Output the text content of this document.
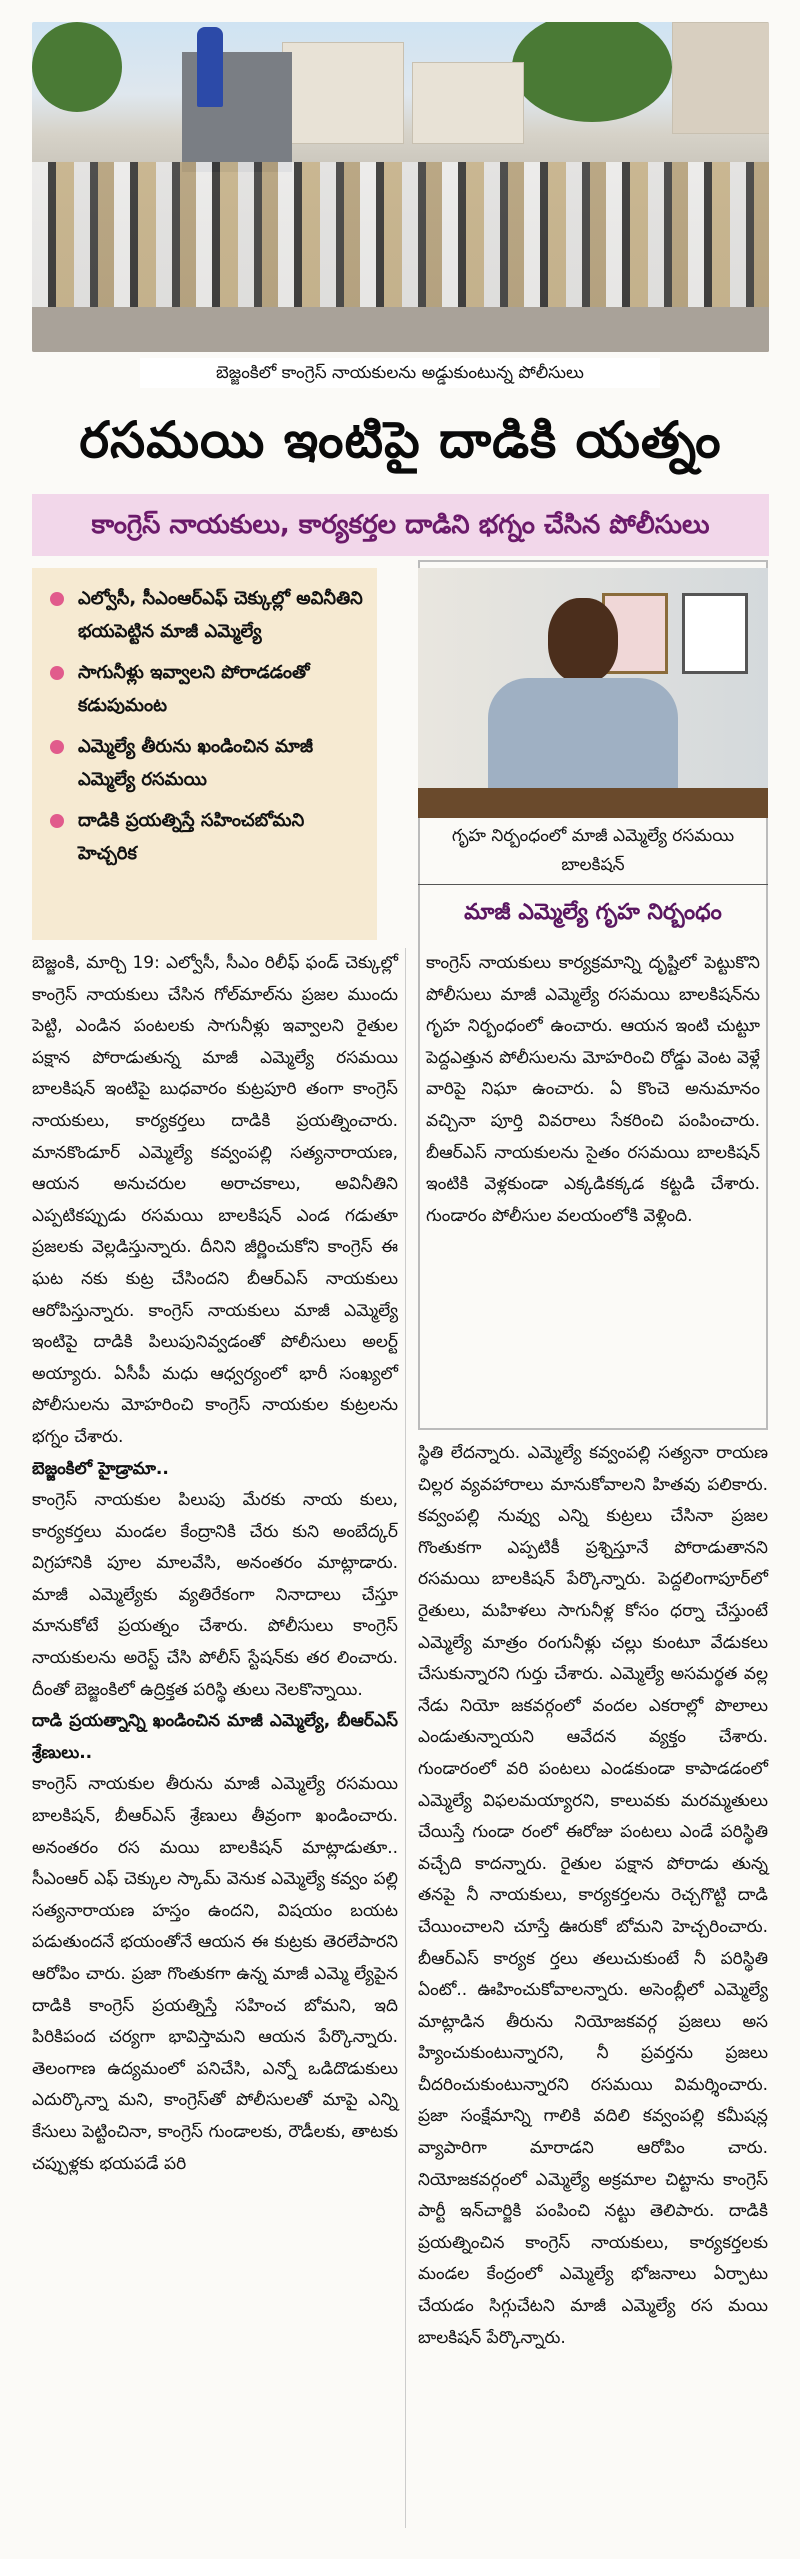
బెజ్జంకిలో కాంగ్రెస్ నాయకులను అడ్డుకుంటున్న పోలీసులు
రసమయి ఇంటిపై దాడికి యత్నం
కాంగ్రెస్ నాయకులు, కార్యకర్తల దాడిని భగ్నం చేసిన పోలీసులు
ఎల్వోసీ, సీఎంఆర్ఎఫ్ చెక్కుల్లో అవినీతిని భయపెట్టిన మాజీ ఎమ్మెల్యే
సాగునీళ్లు ఇవ్వాలని పోరాడడంతో కడుపుమంట
ఎమ్మెల్యే తీరును ఖండించిన మాజీ ఎమ్మెల్యే రసమయి
దాడికి ప్రయత్నిస్తే సహించబోమని హెచ్చరిక
గృహ నిర్బంధంలో మాజీ ఎమ్మెల్యే రసమయి బాలకిషన్
మాజీ ఎమ్మెల్యే గృహ నిర్బంధం

కాంగ్రెస్ నాయకులు కార్యక్రమాన్ని దృష్టిలో పెట్టుకొని పోలీసులు మాజీ ఎమ్మెల్యే రసమయి బాలకిషన్‌ను గృహ నిర్బంధంలో ఉంచారు. ఆయన ఇంటి చుట్టూ పెద్దఎత్తున పోలీసులను మోహరించి రోడ్డు వెంట వెళ్లే వారిపై నిఘా ఉంచారు. ఏ కొంచె అనుమానం వచ్చినా పూర్తి వివరాలు సేకరించి పంపించారు. బీఆర్ఎస్ నాయకులను సైతం రసమయి బాలకిషన్ ఇంటికి వెళ్లకుండా ఎక్కడికక్కడ కట్టడి చేశారు. గుండారం పోలీసుల వలయంలోకి వెళ్లింది.

బెజ్జంకి, మార్చి 19: ఎల్వోసీ, సీఎం రిలీఫ్ ఫండ్ చెక్కుల్లో కాంగ్రెస్ నాయకులు చేసిన గోల్‌మాల్‌ను ప్రజల ముందు పెట్టి, ఎండిన పంటలకు సాగునీళ్లు ఇవ్వాలని రైతుల పక్షాన పోరాడుతున్న మాజీ ఎమ్మెల్యే రసమయి బాలకిషన్ ఇంటిపై బుధవారం కుట్రపూరి తంగా కాంగ్రెస్ నాయకులు, కార్యకర్తలు దాడికి ప్రయత్నించారు. మానకొండూర్ ఎమ్మెల్యే కవ్వంపల్లి సత్యనారాయణ, ఆయన అనుచరుల అరాచకాలు, అవినీతిని ఎప్పటికప్పుడు రసమయి బాలకిషన్ ఎండ గడుతూ ప్రజలకు వెల్లడిస్తున్నారు. దీనిని జీర్ణించుకోని కాంగ్రెస్ ఈ ఘట నకు కుట్ర చేసిందని బీఆర్ఎస్ నాయకులు ఆరోపిస్తున్నారు. కాంగ్రెస్ నాయకులు మాజీ ఎమ్మెల్యే ఇంటిపై దాడికి పిలుపునివ్వడంతో పోలీసులు అలర్ట్ అయ్యారు. ఏసీపీ మధు ఆధ్వర్యంలో భారీ సంఖ్యలో పోలీసులను మోహరించి కాంగ్రెస్ నాయకుల కుట్రలను భగ్నం చేశారు.

బెజ్జంకిలో హైడ్రామా..

కాంగ్రెస్ నాయకుల పిలుపు మేరకు నాయ కులు, కార్యకర్తలు మండల కేంద్రానికి చేరు కుని అంబేద్కర్ విగ్రహానికి పూల మాలవేసి, అనంతరం మాట్లాడారు. మాజీ ఎమ్మెల్యేకు వ్యతిరేకంగా నినాదాలు చేస్తూ మానుకోటే ప్రయత్నం చేశారు. పోలీసులు కాంగ్రెస్ నాయకులను అరెస్ట్ చేసి పోలీస్ స్టేషన్‌కు తర లించారు. దీంతో బెజ్జంకిలో ఉద్రిక్తత పరిస్థి తులు నెలకొన్నాయి.

దాడి ప్రయత్నాన్ని ఖండించిన మాజీ ఎమ్మెల్యే, బీఆర్ఎస్ శ్రేణులు..

కాంగ్రెస్ నాయకుల తీరును మాజీ ఎమ్మెల్యే రసమయి బాలకిషన్, బీఆర్ఎస్ శ్రేణులు తీవ్రంగా ఖండించారు. అనంతరం రస మయి బాలకిషన్ మాట్లాడుతూ.. సీఎంఆర్ ఎఫ్ చెక్కుల స్కామ్ వెనుక ఎమ్మెల్యే కవ్వం పల్లి సత్యనారాయణ హస్తం ఉందని, విషయం బయట పడుతుందనే భయంతోనే ఆయన ఈ కుట్రకు తెరలేపారని ఆరోపిం చారు. ప్రజా గొంతుకగా ఉన్న మాజీ ఎమ్మె ల్యేపైన దాడికి కాంగ్రెస్ ప్రయత్నిస్తే సహించ బోమని, ఇది పిరికిపంద చర్యగా భావిస్తామని ఆయన పేర్కొన్నారు. తెలంగాణ ఉద్యమంలో పనిచేసి, ఎన్నో ఒడిదొడుకులు ఎదుర్కొన్నా మని, కాంగ్రెస్‌తో పోలీసులతో మాపై ఎన్ని కేసులు పెట్టించినా, కాంగ్రెస్ గుండాలకు, రౌడీలకు, తాటకు చప్పుళ్లకు భయపడే పరి

స్థితి లేదన్నారు. ఎమ్మెల్యే కవ్వంపల్లి సత్యనా రాయణ చిల్లర వ్యవహారాలు మానుకోవాలని హితవు పలికారు. కవ్వంపల్లి నువ్వు ఎన్ని కుట్రలు చేసినా ప్రజల గొంతుకగా ఎప్పటికీ ప్రశ్నిస్తూనే పోరాడుతానని రసమయి బాలకిషన్ పేర్కొన్నారు. పెద్దలింగాపూర్‌లో రైతులు, మహిళలు సాగునీళ్ల కోసం ధర్నా చేస్తుంటే ఎమ్మెల్యే మాత్రం రంగునీళ్లు చల్లు కుంటూ వేడుకలు చేసుకున్నారని గుర్తు చేశారు. ఎమ్మెల్యే అసమర్థత వల్ల నేడు నియో జకవర్గంలో వందల ఎకరాల్లో పొలాలు ఎండుతున్నాయని ఆవేదన వ్యక్తం చేశారు. గుండారంలో వరి పంటలు ఎండకుండా కాపాడడంలో ఎమ్మెల్యే విఫలమయ్యారని, కాలువకు మరమ్మతులు చేయిస్తే గుండా రంలో ఈరోజు పంటలు ఎండే పరిస్థితి వచ్చేది కాదన్నారు. రైతుల పక్షాన పోరాడు తున్న తనపై నీ నాయకులు, కార్యకర్తలను రెచ్చగొట్టి దాడి చేయించాలని చూస్తే ఊరుకో బోమని హెచ్చరించారు. బీఆర్ఎస్ కార్యక ర్తలు తలుచుకుంటే నీ పరిస్థితి ఏంటో.. ఊహించుకోవాలన్నారు. అసెంబ్లీలో ఎమ్మెల్యే మాట్లాడిన తీరును నియోజకవర్గ ప్రజలు అస హ్యించుకుంటున్నారని, నీ ప్రవర్తను ప్రజలు చీదరించుకుంటున్నారని రసమయి విమర్శించారు. ప్రజా సంక్షేమాన్ని గాలికి వదిలి కవ్వంపల్లి కమీషన్ల వ్యాపారిగా మారాడని ఆరోపిం చారు. నియోజకవర్గంలో ఎమ్మెల్యే అక్రమాల చిట్టాను కాంగ్రెస్ పార్టీ ఇన్‌చార్జికి పంపించి నట్టు తెలిపారు. దాడికి ప్రయత్నించిన కాంగ్రెస్ నాయకులు, కార్యకర్తలకు మండల కేంద్రంలో ఎమ్మెల్యే భోజనాలు ఏర్పాటు చేయడం సిగ్గుచేటని మాజీ ఎమ్మెల్యే రస మయి బాలకిషన్ పేర్కొన్నారు.
